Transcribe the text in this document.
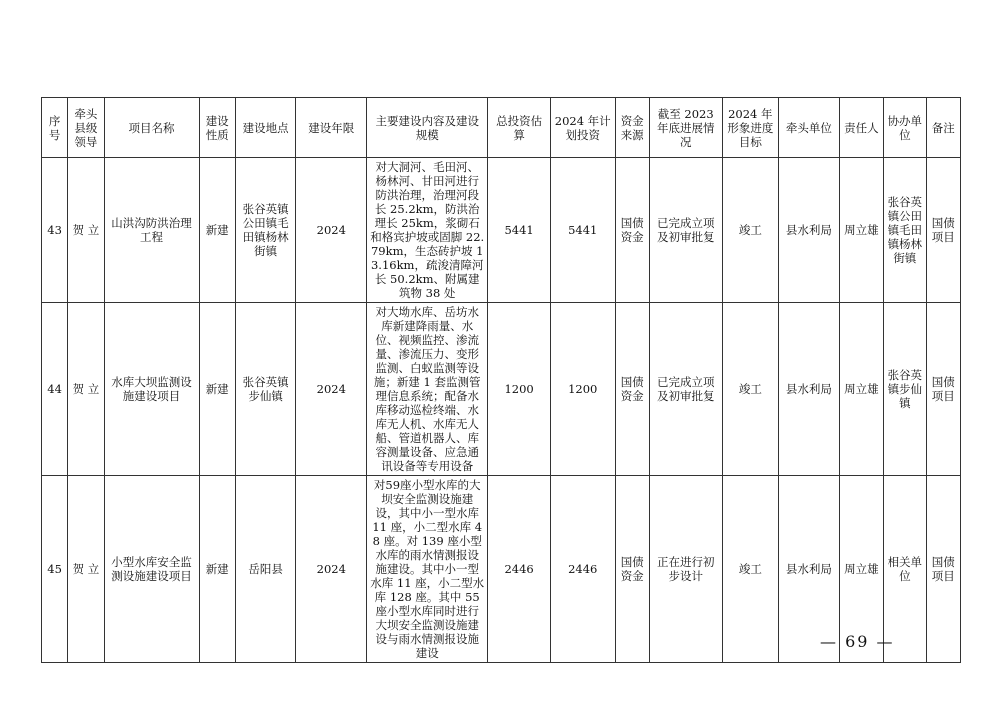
序号	牵头县级领导	项目名称	建设性质	建设地点	建设年限	主要建设内容及建设规模	总投资估算	2024 年计划投资	资金来源	截至 2023 年底进展情况	2024 年形象进度目标	牵头单位	责任人	协办单位	备注
43	贺 立	山洪沟防洪治理工程	新建	张谷英镇公田镇毛田镇杨林街镇	2024	对大洞河、毛田河、杨林河、甘田河进行防洪治理，治理河段长 25.2km，防洪治理长 25km，浆砌石和格宾护坡或固脚 22.79km，生态砖护坡 13.16km，疏浚清障河长 50.2km、附属建筑物 38 处	5441	5441	国债资金	已完成立项及初审批复	竣工	县水利局	周立雄	张谷英镇公田镇毛田镇杨林街镇	国债项目
44	贺 立	水库大坝监测设施建设项目	新建	张谷英镇步仙镇	2024	对大坳水库、岳坊水库新建降雨量、水位、视频监控、渗流量、渗流压力、变形监测、白蚁监测等设施；新建 1 套监测管理信息系统；配备水库移动巡检终端、水库无人机、水库无人船、管道机器人、库容测量设备、应急通讯设备等专用设备	1200	1200	国债资金	已完成立项及初审批复	竣工	县水利局	周立雄	张谷英镇步仙镇	国债项目
45	贺 立	小型水库安全监测设施建设项目	新建	岳阳县	2024	对59座小型水库的大坝安全监测设施建设，其中小一型水库 11 座，小二型水库 48 座。对 139 座小型水库的雨水情测报设施建设。其中小一型水库 11 座，小二型水库 128 座。其中 55 座小型水库同时进行大坝安全监测设施建设与雨水情测报设施建设	2446	2446	国债资金	正在进行初步设计	竣工	县水利局	周立雄	相关单位	国债项目
— 69 —
